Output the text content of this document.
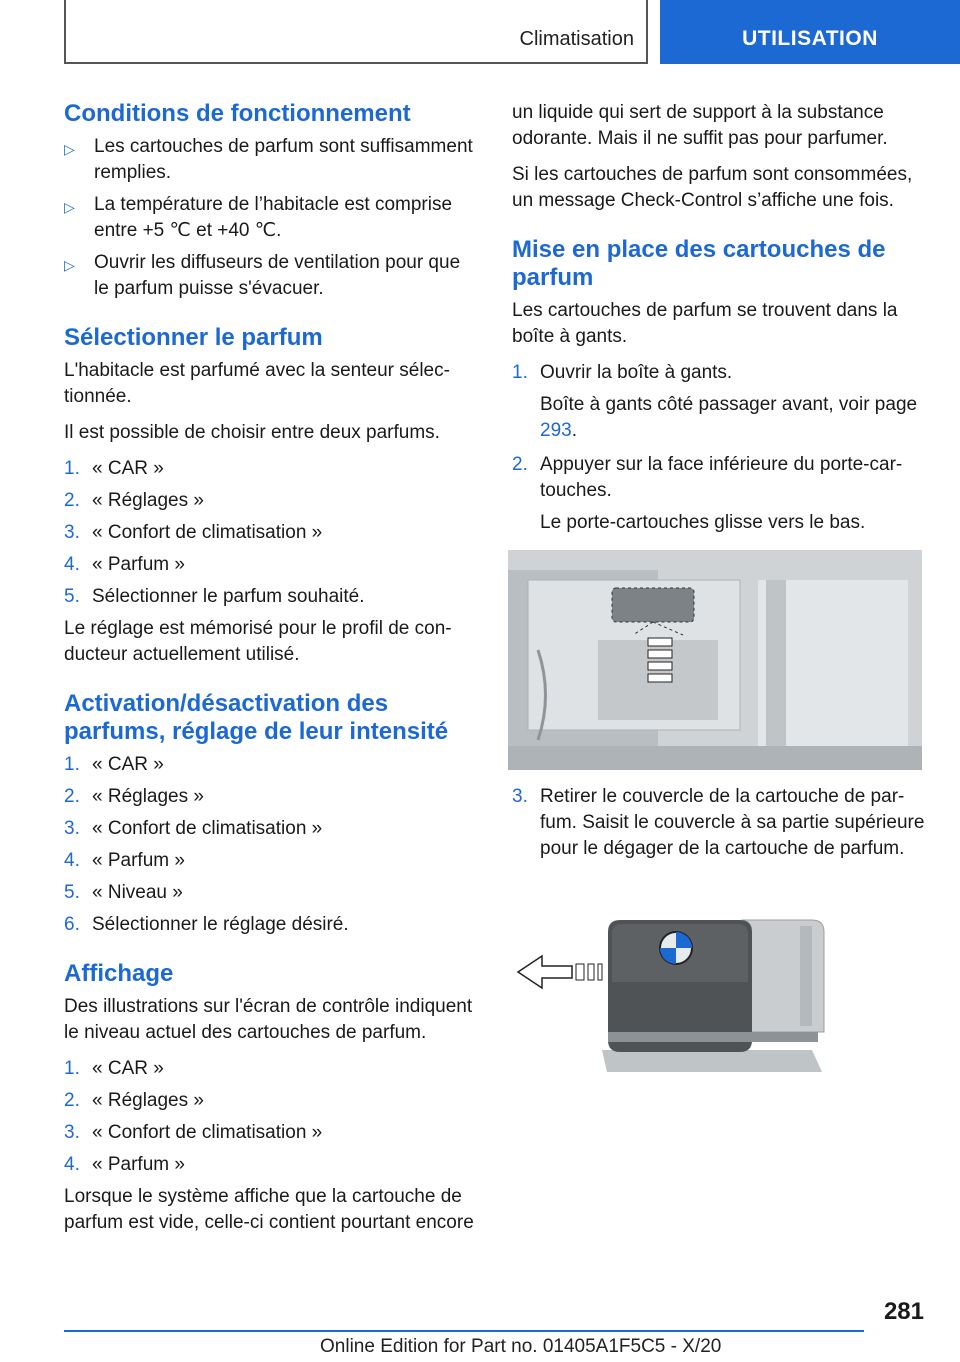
Climatisation	UTILISATION
Conditions de fonctionnement
▷	Les cartouches de parfum sont suffisamment remplies.
▷	La température de l’habitacle est comprise entre +5 ℃ et +40 ℃.
▷	Ouvrir les diffuseurs de ventilation pour que le parfum puisse s'évacuer.
Sélectionner le parfum

L'habitacle est parfumé avec la senteur sélec-tionnée.

Il est possible de choisir entre deux parfums.

1. « CAR »
2. « Réglages »
3. « Confort de climatisation »
4. « Parfum »
5. Sélectionner le parfum souhaité.

Le réglage est mémorisé pour le profil de con-ducteur actuellement utilisé.

Activation/désactivation des parfums, réglage de leur intensité
1. « CAR »
2. « Réglages »
3. « Confort de climatisation »
4. « Parfum »
5. « Niveau »
6. Sélectionner le réglage désiré.
Affichage

Des illustrations sur l'écran de contrôle indiquent le niveau actuel des cartouches de parfum.

1. « CAR »
2. « Réglages »
3. « Confort de climatisation »
4. « Parfum »

Lorsque le système affiche que la cartouche de parfum est vide, celle-ci contient pourtant encore

un liquide qui sert de support à la substance odorante. Mais il ne suffit pas pour parfumer.

Si les cartouches de parfum sont consommées, un message Check-Control s’affiche une fois.

Mise en place des cartouches de parfum

Les cartouches de parfum se trouvent dans la boîte à gants.

1. Ouvrir la boîte à gants.
Boîte à gants côté passager avant, voir page 293.
2. Appuyer sur la face inférieure du porte-car-touches.
Le porte-cartouches glisse vers le bas.
3. Retirer le couvercle de la cartouche de par-fum. Saisit le couvercle à sa partie supérieure pour le dégager de la cartouche de parfum.
281
Online Edition for Part no. 01405A1F5C5 - X/20
